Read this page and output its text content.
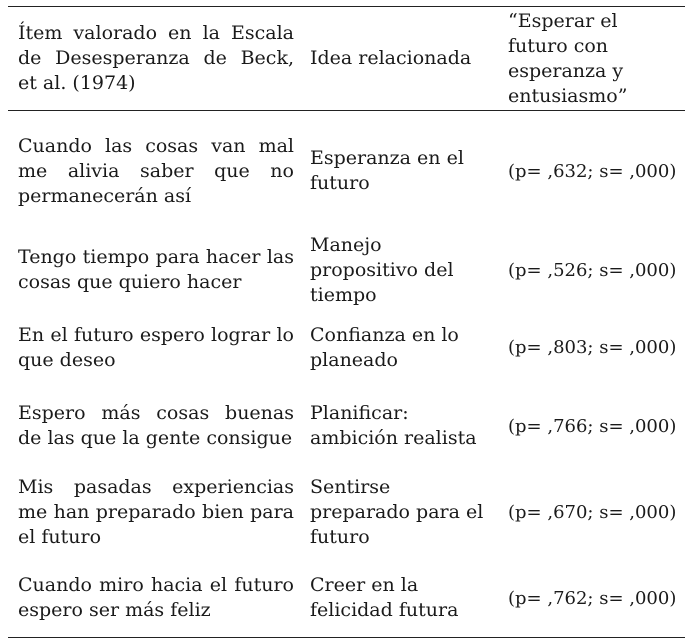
Ítem valorado en la Escala de Desesperanza de Beck, et al. (1974)	Idea relacionada	“Esperar el futuro con esperanza y entusiasmo”
Cuando las cosas van mal me alivia saber que no permanecerán así	Esperanza en el futuro	(p= ,632; s= ,000)
Tengo tiempo para hacer las cosas que quiero hacer	Manejo propositivo del tiempo	(p= ,526; s= ,000)
En el futuro espero lograr lo que deseo	Confianza en lo planeado	(p= ,803; s= ,000)
Espero más cosas buenas de las que la gente consigue	Planificar: ambición realista	(p= ,766; s= ,000)
Mis pasadas experiencias me han preparado bien para el futuro	Sentirse preparado para el futuro	(p= ,670; s= ,000)
Cuando miro hacia el futuro espero ser más feliz	Creer en la felicidad futura	(p= ,762; s= ,000)
